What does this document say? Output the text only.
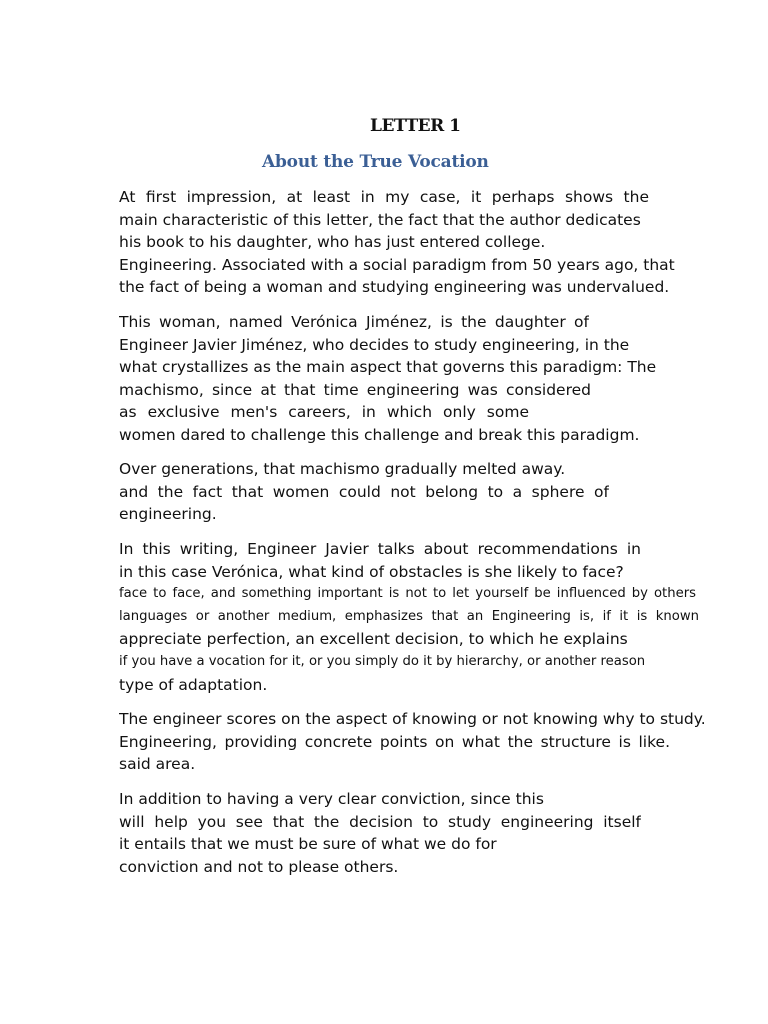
LETTER 1
About the True Vocation
At first impression, at least in my case, it perhaps shows the
main characteristic of this letter, the fact that the author dedicates
his book to his daughter, who has just entered college.
Engineering. Associated with a social paradigm from 50 years ago, that
the fact of being a woman and studying engineering was undervalued.
This woman, named Verónica Jiménez, is the daughter of
Engineer Javier Jiménez, who decides to study engineering, in the
what crystallizes as the main aspect that governs this paradigm: The
machismo, since at that time engineering was considered
as exclusive men's careers, in which only some
women dared to challenge this challenge and break this paradigm.
Over generations, that machismo gradually melted away.
and the fact that women could not belong to a sphere of
engineering.
In this writing, Engineer Javier talks about recommendations in
in this case Verónica, what kind of obstacles is she likely to face?
face to face, and something important is not to let yourself be influenced by others
languages or another medium, emphasizes that an Engineering is, if it is known
appreciate perfection, an excellent decision, to which he explains
if you have a vocation for it, or you simply do it by hierarchy, or another reason
type of adaptation.
The engineer scores on the aspect of knowing or not knowing why to study.
Engineering, providing concrete points on what the structure is like.
said area.
In addition to having a very clear conviction, since this
will help you see that the decision to study engineering itself
it entails that we must be sure of what we do for
conviction and not to please others.
